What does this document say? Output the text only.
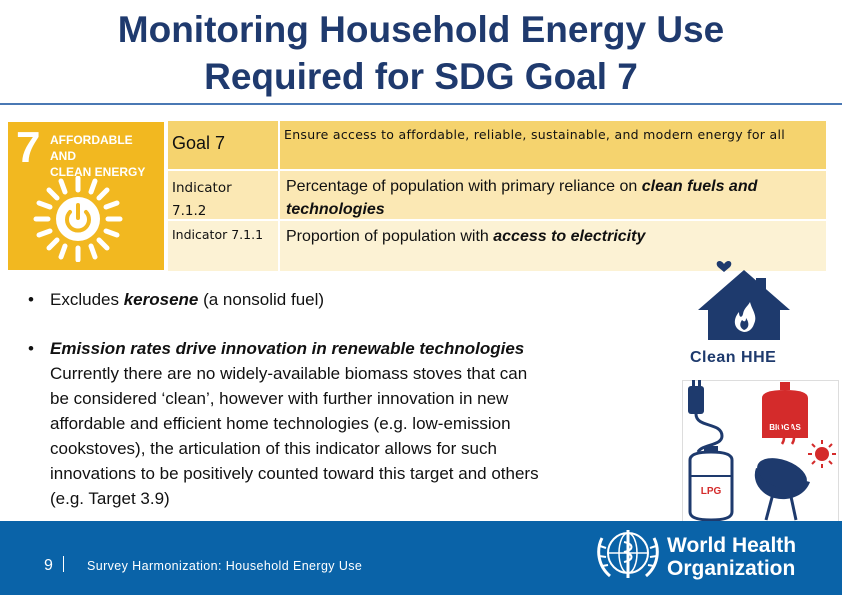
Monitoring Household Energy Use
Required for SDG Goal 7
7 AFFORDABLE AND
CLEAN ENERGY
Goal 7	Ensure access to affordable, reliable, sustainable, and modern energy for all
Indicator
7.1.2
Percentage of population with primary reliance on clean fuels and
technologies
Indicator 7.1.1 Proportion of population with access to electricity
• Excludes kerosene (a nonsolid fuel)
• Emission rates drive innovation in renewable technologies
Currently there are no widely-available biomass stoves that can
be considered ‘clean’, however with further innovation in new
affordable and efficient home technologies (e.g. low-emission
cookstoves), the articulation of this indicator allows for such
innovations to be positively counted toward this target and others
(e.g. Target 3.9)
Clean HHE
BIOGAS
LPG
9	Survey Harmonization: Household Energy Use
World Health
Organization
